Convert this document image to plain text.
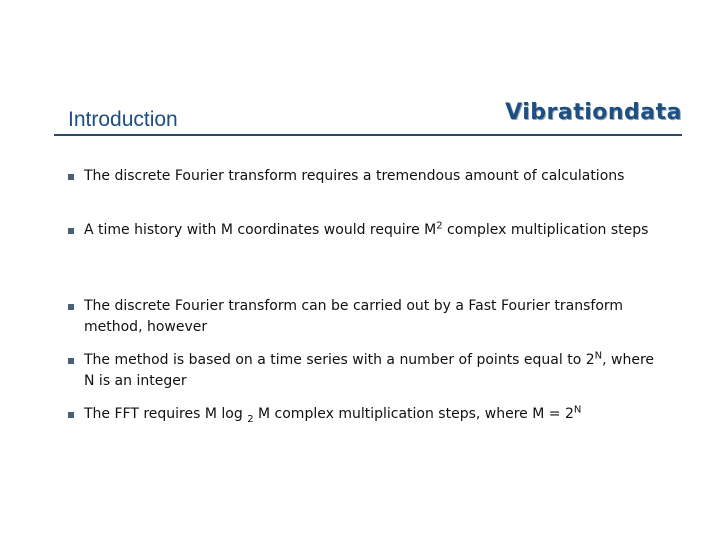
Introduction	Vibrationdata
The discrete Fourier transform requires a tremendous amount of calculations
A time history with M coordinates would require $M^2$ complex multiplication steps
The discrete Fourier transform can be carried out by a Fast Fourier transform method, however
The method is based on a time series with a number of points equal to $2^N$, where N is an integer
The FFT requires M log $_2$ M complex multiplication steps, where $M = 2^N$
